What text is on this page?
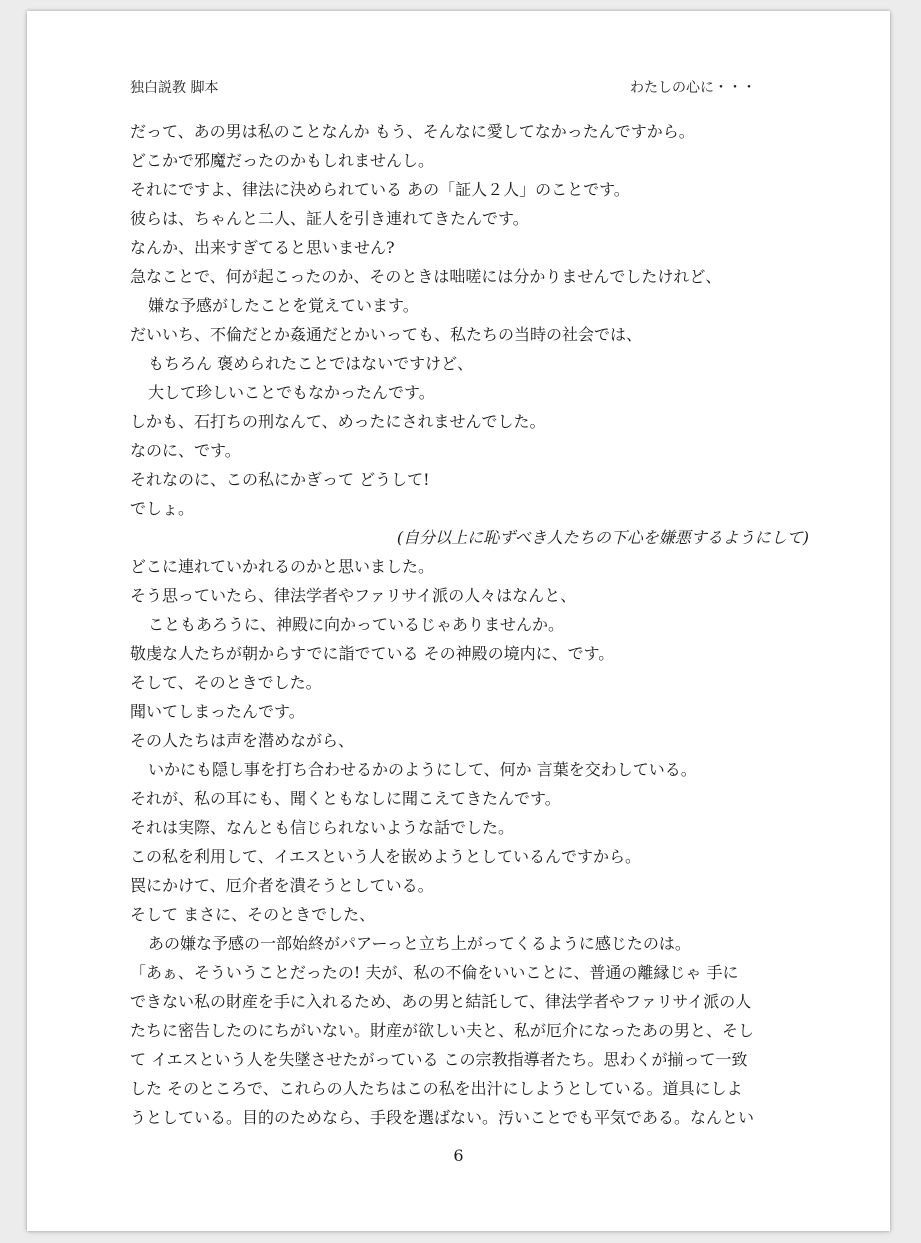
独白説教 脚本	わたしの心に・・・
だって、あの男は私のことなんか もう、そんなに愛してなかったんですから。
どこかで邪魔だったのかもしれませんし。
それにですよ、律法に決められている あの「証人２人」のことです。
彼らは、ちゃんと二人、証人を引き連れてきたんです。
なんか、出来すぎてると思いません?
急なことで、何が起こったのか、そのときは咄嗟には分かりませんでしたけれど、
嫌な予感がしたことを覚えています。
だいいち、不倫だとか姦通だとかいっても、私たちの当時の社会では、
もちろん 褒められたことではないですけど、
大して珍しいことでもなかったんです。
しかも、石打ちの刑なんて、めったにされませんでした。
なのに、です。
それなのに、この私にかぎって どうして!
でしょ。
(自分以上に恥ずべき人たちの下心を嫌悪するようにして)
どこに連れていかれるのかと思いました。
そう思っていたら、律法学者やファリサイ派の人々はなんと、
こともあろうに、神殿に向かっているじゃありませんか。
敬虔な人たちが朝からすでに詣でている その神殿の境内に、です。
そして、そのときでした。
聞いてしまったんです。
その人たちは声を潜めながら、
いかにも隠し事を打ち合わせるかのようにして、何か 言葉を交わしている。
それが、私の耳にも、聞くともなしに聞こえてきたんです。
それは実際、なんとも信じられないような話でした。
この私を利用して、イエスという人を嵌めようとしているんですから。
罠にかけて、厄介者を潰そうとしている。
そして まさに、そのときでした、
あの嫌な予感の一部始終がパアーっと立ち上がってくるように感じたのは。
「あぁ、そういうことだったの! 夫が、私の不倫をいいことに、普通の離縁じゃ 手に
できない私の財産を手に入れるため、あの男と結託して、律法学者やファリサイ派の人
たちに密告したのにちがいない。財産が欲しい夫と、私が厄介になったあの男と、そし
て イエスという人を失墜させたがっている この宗教指導者たち。思わくが揃って一致
した そのところで、これらの人たちはこの私を出汁にしようとしている。道具にしよ
うとしている。目的のためなら、手段を選ばない。汚いことでも平気である。なんとい
6
